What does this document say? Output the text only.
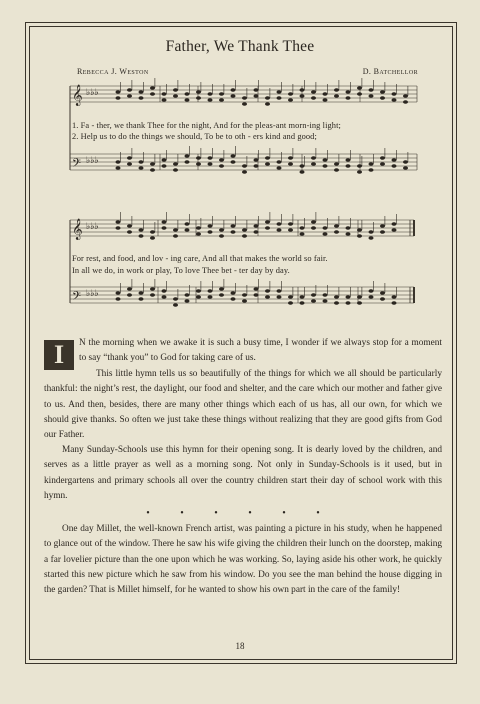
Father, We Thank Thee
Rebecca J. Weston	D. Batchellor
𝄞 ♭♭♭
𝄢 ♭♭♭
𝄞 ♭♭♭
𝄢 ♭♭♭
1. Fa - ther, we thank Thee for the night, And for the pleas-ant morn-ing light;
2. Help us to do the things we should, To be to oth - ers kind and good;
For rest, and food, and lov - ing care, And all that makes the world so fair.
In all we do, in work or play, To love Thee bet - ter day by day.
I	N the morning when we awake it is such a busy time, I wonder if we always stop for a moment to say “thank you” to God for taking care of us.

This little hymn tells us so beautifully of the things for which we all should be particularly thankful: the night’s rest, the daylight, our food and shelter, and the care which our mother and father give to us. And then, besides, there are many other things which each of us has, all our own, for which we should give thanks. So often we just take these things without realizing that they are good gifts from God our Father.

Many Sunday-Schools use this hymn for their opening song. It is dearly loved by the children, and serves as a little prayer as well as a morning song. Not only in Sunday-Schools is it used, but in kindergartens and primary schools all over the country children start their day of school work with this hymn.

• • • • • •

One day Millet, the well-known French artist, was painting a picture in his study, when he happened to glance out of the window. There he saw his wife giving the children their lunch on the doorstep, making a far lovelier picture than the one upon which he was working. So, laying aside his other work, he quickly started this new picture which he saw from his window. Do you see the man behind the house digging in the garden? That is Millet himself, for he wanted to show his own part in the care of the family!

18
